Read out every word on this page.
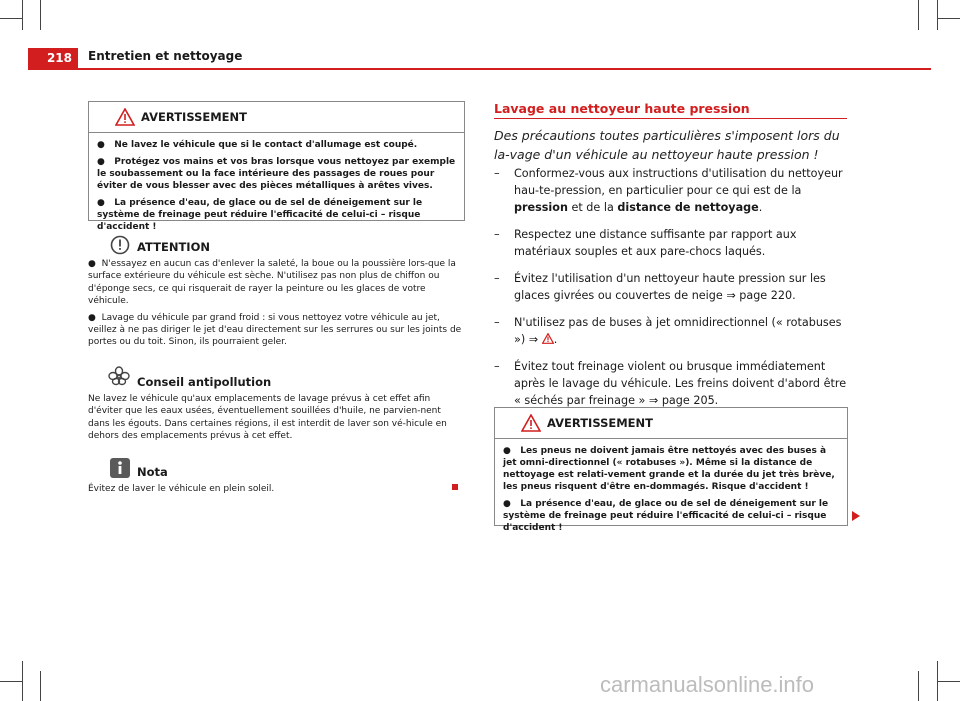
218	Entretien et nettoyage
AVERTISSEMENT

●   Ne lavez le véhicule que si le contact d'allumage est coupé.

●   Protégez vos mains et vos bras lorsque vous nettoyez par exemple le soubassement ou la face intérieure des passages de roues pour éviter de vous blesser avec des pièces métalliques à arêtes vives.

●   La présence d'eau, de glace ou de sel de déneigement sur le système de freinage peut réduire l'efficacité de celui-ci – risque d'accident !

ATTENTION

●  N'essayez en aucun cas d'enlever la saleté, la boue ou la poussière lors-que la surface extérieure du véhicule est sèche. N'utilisez pas non plus de chiffon ou d'éponge secs, ce qui risquerait de rayer la peinture ou les glaces de votre véhicule.

●  Lavage du véhicule par grand froid : si vous nettoyez votre véhicule au jet, veillez à ne pas diriger le jet d'eau directement sur les serrures ou sur les joints de portes ou du toit. Sinon, ils pourraient geler.

Conseil antipollution

Ne lavez le véhicule qu'aux emplacements de lavage prévus à cet effet afin d'éviter que les eaux usées, éventuellement souillées d'huile, ne parvien-nent dans les égouts. Dans certaines régions, il est interdit de laver son vé-hicule en dehors des emplacements prévus à cet effet.

Nota

Évitez de laver le véhicule en plein soleil.

Lavage au nettoyeur haute pression
Des précautions toutes particulières s'imposent lors du la-vage d'un véhicule au nettoyeur haute pression !
– Conformez-vous aux instructions d'utilisation du nettoyeur hau-te-pression, en particulier pour ce qui est de la pression et de la distance de nettoyage.
– Respectez une distance suffisante par rapport aux matériaux souples et aux pare-chocs laqués.
– Évitez l'utilisation d'un nettoyeur haute pression sur les glaces givrées ou couvertes de neige ⇒ page 220.
– N'utilisez pas de buses à jet omnidirectionnel (« rotabuses ») ⇒ .
– Évitez tout freinage violent ou brusque immédiatement après le lavage du véhicule. Les freins doivent d'abord être « séchés par freinage » ⇒ page 205.
AVERTISSEMENT

●   Les pneus ne doivent jamais être nettoyés avec des buses à jet omni-directionnel (« rotabuses »). Même si la distance de nettoyage est relati-vement grande et la durée du jet très brève, les pneus risquent d'être en-dommagés. Risque d'accident !

●   La présence d'eau, de glace ou de sel de déneigement sur le système de freinage peut réduire l'efficacité de celui-ci – risque d'accident !

carmanualsonline.info
